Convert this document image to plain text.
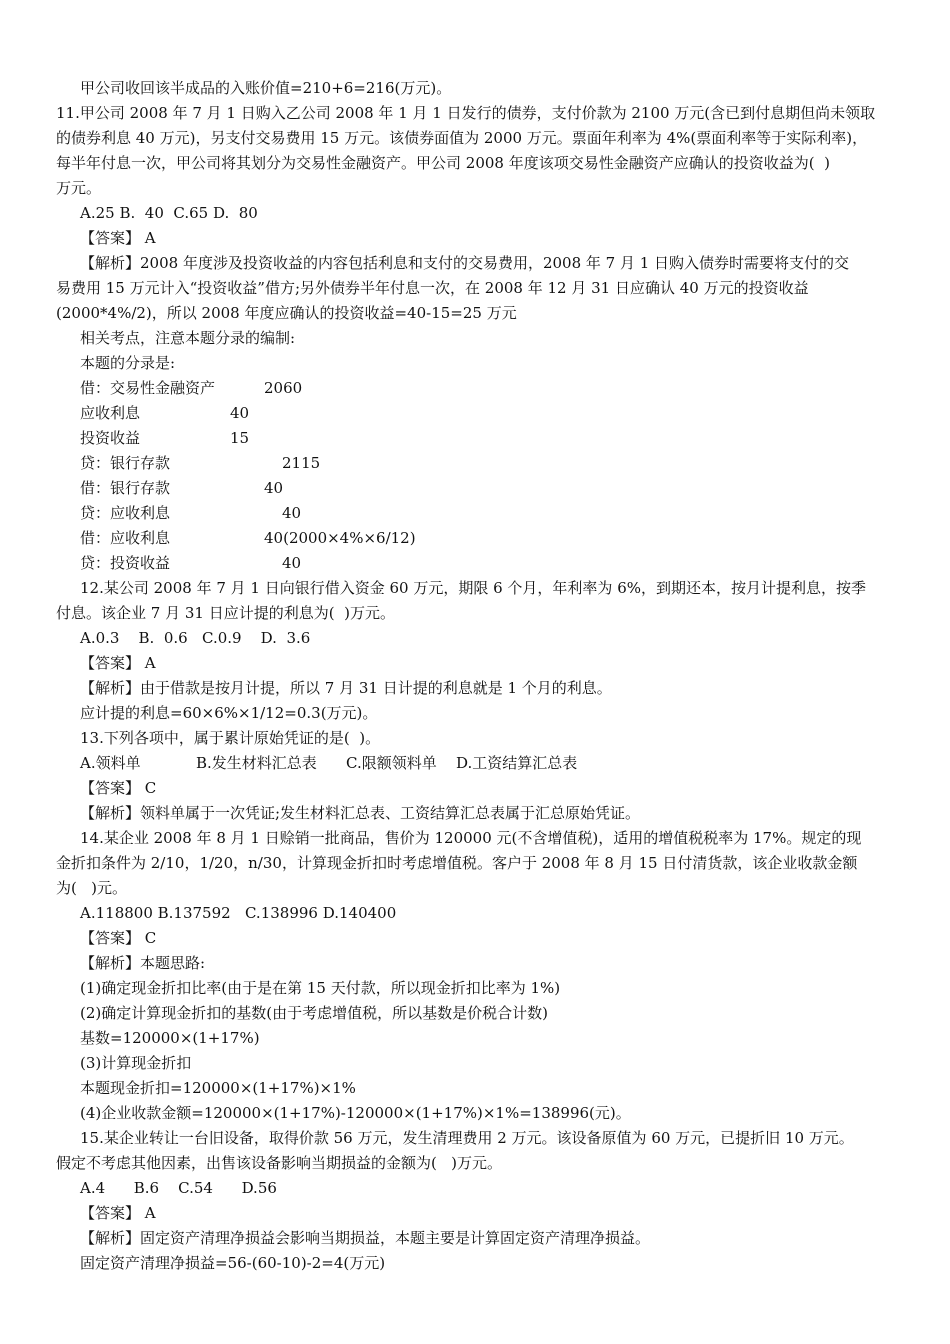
甲公司收回该半成品的入账价值=210+6=216(万元)。
11.甲公司 2008 年 7 月 1 日购入乙公司 2008 年 1 月 1 日发行的债券，支付价款为 2100 万元(含已到付息期但尚未领取
的债券利息 40 万元)，另支付交易费用 15 万元。该债券面值为 2000 万元。票面年利率为 4%(票面利率等于实际利率)，
每半年付息一次，甲公司将其划分为交易性金融资产。甲公司 2008 年度该项交易性金融资产应确认的投资收益为(  )
万元。
A.25 B.  40  C.65 D.  80
【答案】 A
【解析】2008 年度涉及投资收益的内容包括利息和支付的交易费用，2008 年 7 月 1 日购入债券时需要将支付的交
易费用 15 万元计入“投资收益”借方;另外债券半年付息一次，在 2008 年 12 月 31 日应确认 40 万元的投资收益
(2000*4%/2)，所以 2008 年度应确认的投资收益=40-15=25 万元
相关考点，注意本题分录的编制:
本题的分录是:
借：交易性金融资产	2060
应收利息	40
投资收益	15
贷：银行存款	2115
借：银行存款	40
贷：应收利息	40
借：应收利息	40(2000×4%×6/12)
贷：投资收益	40
12.某公司 2008 年 7 月 1 日向银行借入资金 60 万元，期限 6 个月，年利率为 6%，到期还本，按月计提利息，按季
付息。该企业 7 月 31 日应计提的利息为(  )万元。
A.0.3    B.  0.6   C.0.9    D.  3.6
【答案】 A
【解析】由于借款是按月计提，所以 7 月 31 日计提的利息就是 1 个月的利息。
应计提的利息=60×6%×1/12=0.3(万元)。
13.下列各项中，属于累计原始凭证的是(  )。
A.领料单	B.发生材料汇总表 C.限额领料单 D.工资结算汇总表
【答案】 C
【解析】领料单属于一次凭证;发生材料汇总表、工资结算汇总表属于汇总原始凭证。
14.某企业 2008 年 8 月 1 日赊销一批商品，售价为 120000 元(不含增值税)，适用的增值税税率为 17%。规定的现
金折扣条件为 2/10，1/20，n/30，计算现金折扣时考虑增值税。客户于 2008 年 8 月 15 日付清货款，该企业收款金额
为(   )元。
A.118800 B.137592   C.138996 D.140400
【答案】 C
【解析】本题思路:
(1)确定现金折扣比率(由于是在第 15 天付款，所以现金折扣比率为 1%)
(2)确定计算现金折扣的基数(由于考虑增值税，所以基数是价税合计数)
基数=120000×(1+17%)
(3)计算现金折扣
本题现金折扣=120000×(1+17%)×1%
(4)企业收款金额=120000×(1+17%)-120000×(1+17%)×1%=138996(元)。
15.某企业转让一台旧设备，取得价款 56 万元，发生清理费用 2 万元。该设备原值为 60 万元，已提折旧 10 万元。
假定不考虑其他因素，出售该设备影响当期损益的金额为(   )万元。
A.4      B.6    C.54      D.56
【答案】 A
【解析】固定资产清理净损益会影响当期损益，本题主要是计算固定资产清理净损益。
固定资产清理净损益=56-(60-10)-2=4(万元)
